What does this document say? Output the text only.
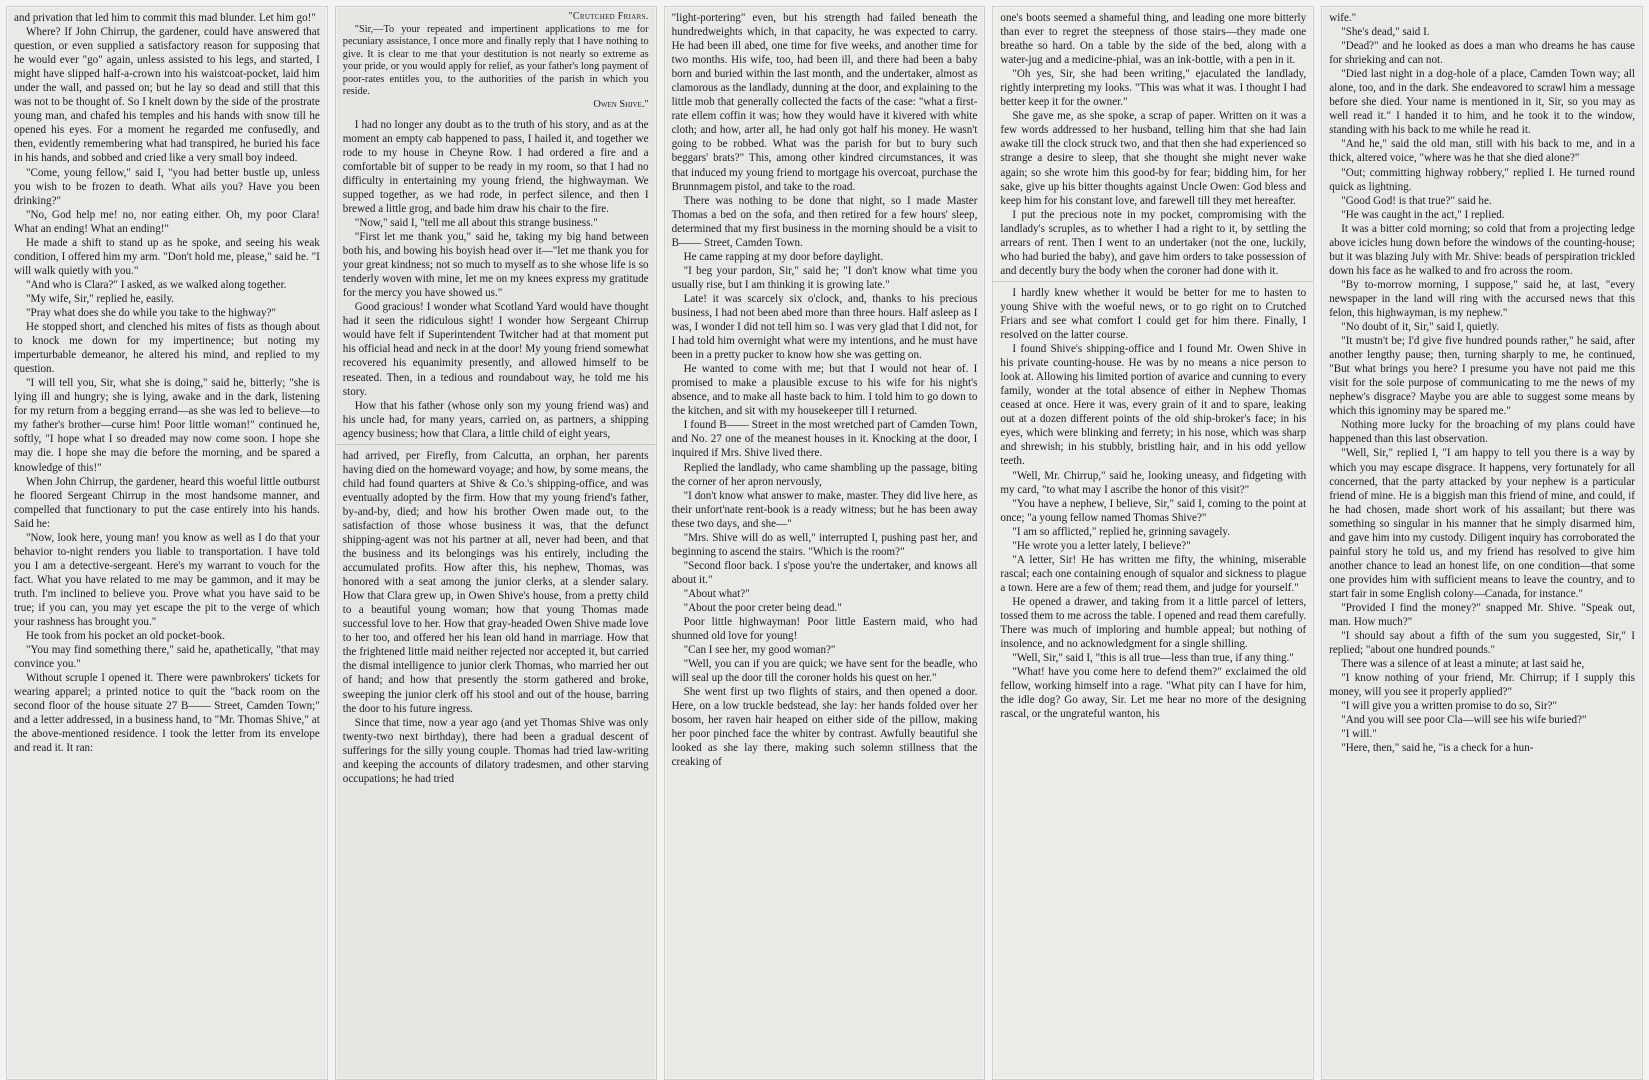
and privation that led him to commit this mad blunder. Let him go!"

Where? If John Chirrup, the gardener, could have answered that question, or even supplied a satisfactory reason for supposing that he would ever "go" again, unless assisted to his legs, and started, I might have slipped half-a-crown into his waistcoat-pocket, laid him under the wall, and passed on; but he lay so dead and still that this was not to be thought of. So I knelt down by the side of the prostrate young man, and chafed his temples and his hands with snow till he opened his eyes. For a moment he regarded me confusedly, and then, evidently remembering what had transpired, he buried his face in his hands, and sobbed and cried like a very small boy indeed.

"Come, young fellow," said I, "you had better bustle up, unless you wish to be frozen to death. What ails you? Have you been drinking?"

"No, God help me! no, nor eating either. Oh, my poor Clara! What an ending! What an ending!"

He made a shift to stand up as he spoke, and seeing his weak condition, I offered him my arm. "Don't hold me, please," said he. "I will walk quietly with you."

"And who is Clara?" I asked, as we walked along together.

"My wife, Sir," replied he, easily.

"Pray what does she do while you take to the highway?"

He stopped short, and clenched his mites of fists as though about to knock me down for my impertinence; but noting my imperturbable demeanor, he altered his mind, and replied to my question.

"I will tell you, Sir, what she is doing," said he, bitterly; "she is lying ill and hungry; she is lying, awake and in the dark, listening for my return from a begging errand—as she was led to believe—to my father's brother—curse him! Poor little woman!" continued he, softly, "I hope what I so dreaded may now come soon. I hope she may die. I hope she may die before the morning, and be spared a knowledge of this!"

When John Chirrup, the gardener, heard this woeful little outburst he floored Sergeant Chirrup in the most handsome manner, and compelled that functionary to put the case entirely into his hands. Said he:

"Now, look here, young man! you know as well as I do that your behavior to-night renders you liable to transportation. I have told you I am a detective-sergeant. Here's my warrant to vouch for the fact. What you have related to me may be gammon, and it may be truth. I'm inclined to believe you. Prove what you have said to be true; if you can, you may yet escape the pit to the verge of which your rashness has brought you."

He took from his pocket an old pocket-book.

"You may find something there," said he, apathetically, "that may convince you."

Without scruple I opened it. There were pawnbrokers' tickets for wearing apparel; a printed notice to quit the "back room on the second floor of the house situate 27 B—— Street, Camden Town;" and a letter addressed, in a business hand, to "Mr. Thomas Shive," at the above-mentioned residence. I took the letter from its envelope and read it. It ran:

"Crutched Friars.

"Sir,—To your repeated and impertinent applications to me for pecuniary assistance, I once more and finally reply that I have nothing to give. It is clear to me that your destitution is not nearly so extreme as your pride, or you would apply for relief, as your father's long payment of poor-rates entitles you, to the authorities of the parish in which you reside.

Owen Shive."

I had no longer any doubt as to the truth of his story, and as at the moment an empty cab happened to pass, I hailed it, and together we rode to my house in Cheyne Row. I had ordered a fire and a comfortable bit of supper to be ready in my room, so that I had no difficulty in entertaining my young friend, the highwayman. We supped together, as we had rode, in perfect silence, and then I brewed a little grog, and bade him draw his chair to the fire.

"Now," said I, "tell me all about this strange business."

"First let me thank you," said he, taking my big hand between both his, and bowing his boyish head over it—"let me thank you for your great kindness; not so much to myself as to she whose life is so tenderly woven with mine, let me on my knees express my gratitude for the mercy you have showed us."

Good gracious! I wonder what Scotland Yard would have thought had it seen the ridiculous sight! I wonder how Sergeant Chirrup would have felt if Superintendent Twitcher had at that moment put his official head and neck in at the door! My young friend somewhat recovered his equanimity presently, and allowed himself to be reseated. Then, in a tedious and roundabout way, he told me his story.

How that his father (whose only son my young friend was) and his uncle had, for many years, carried on, as partners, a shipping agency business; how that Clara, a little child of eight years,

had arrived, per Firefly, from Calcutta, an orphan, her parents having died on the homeward voyage; and how, by some means, the child had found quarters at Shive & Co.'s shipping-office, and was eventually adopted by the firm. How that my young friend's father, by-and-by, died; and how his brother Owen made out, to the satisfaction of those whose business it was, that the defunct shipping-agent was not his partner at all, never had been, and that the business and its belongings was his entirely, including the accumulated profits. How after this, his nephew, Thomas, was honored with a seat among the junior clerks, at a slender salary. How that Clara grew up, in Owen Shive's house, from a pretty child to a beautiful young woman; how that young Thomas made successful love to her. How that gray-headed Owen Shive made love to her too, and offered her his lean old hand in marriage. How that the frightened little maid neither rejected nor accepted it, but carried the dismal intelligence to junior clerk Thomas, who married her out of hand; and how that presently the storm gathered and broke, sweeping the junior clerk off his stool and out of the house, barring the door to his future ingress.

Since that time, now a year ago (and yet Thomas Shive was only twenty-two next birthday), there had been a gradual descent of sufferings for the silly young couple. Thomas had tried law-writing and keeping the accounts of dilatory tradesmen, and other starving occupations; he had tried

"light-portering" even, but his strength had failed beneath the hundredweights which, in that capacity, he was expected to carry. He had been ill abed, one time for five weeks, and another time for two months. His wife, too, had been ill, and there had been a baby born and buried within the last month, and the undertaker, almost as clamorous as the landlady, dunning at the door, and explaining to the little mob that generally collected the facts of the case: "what a first-rate ellem coffin it was; how they would have it kivered with white cloth; and how, arter all, he had only got half his money. He wasn't going to be robbed. What was the parish for but to bury such beggars' brats?" This, among other kindred circumstances, it was that induced my young friend to mortgage his overcoat, purchase the Brunnmagem pistol, and take to the road.

There was nothing to be done that night, so I made Master Thomas a bed on the sofa, and then retired for a few hours' sleep, determined that my first business in the morning should be a visit to B—— Street, Camden Town.

He came rapping at my door before daylight.

"I beg your pardon, Sir," said he; "I don't know what time you usually rise, but I am thinking it is growing late."

Late! it was scarcely six o'clock, and, thanks to his precious business, I had not been abed more than three hours. Half asleep as I was, I wonder I did not tell him so. I was very glad that I did not, for I had told him overnight what were my intentions, and he must have been in a pretty pucker to know how she was getting on.

He wanted to come with me; but that I would not hear of. I promised to make a plausible excuse to his wife for his night's absence, and to make all haste back to him. I told him to go down to the kitchen, and sit with my housekeeper till I returned.

I found B—— Street in the most wretched part of Camden Town, and No. 27 one of the meanest houses in it. Knocking at the door, I inquired if Mrs. Shive lived there.

Replied the landlady, who came shambling up the passage, biting the corner of her apron nervously,

"I don't know what answer to make, master. They did live here, as their unfort'nate rent-book is a ready witness; but he has been away these two days, and she—"

"Mrs. Shive will do as well," interrupted I, pushing past her, and beginning to ascend the stairs. "Which is the room?"

"Second floor back. I s'pose you're the undertaker, and knows all about it."

"About what?"

"About the poor creter being dead."

Poor little highwayman! Poor little Eastern maid, who had shunned old love for young!

"Can I see her, my good woman?"

"Well, you can if you are quick; we have sent for the beadle, who will seal up the door till the coroner holds his quest on her."

She went first up two flights of stairs, and then opened a door. Here, on a low truckle bedstead, she lay: her hands folded over her bosom, her raven hair heaped on either side of the pillow, making her poor pinched face the whiter by contrast. Awfully beautiful she looked as she lay there, making such solemn stillness that the creaking of

one's boots seemed a shameful thing, and leading one more bitterly than ever to regret the steepness of those stairs—they made one breathe so hard. On a table by the side of the bed, along with a water-jug and a medicine-phial, was an ink-bottle, with a pen in it.

"Oh yes, Sir, she had been writing," ejaculated the landlady, rightly interpreting my looks. "This was what it was. I thought I had better keep it for the owner."

She gave me, as she spoke, a scrap of paper. Written on it was a few words addressed to her husband, telling him that she had lain awake till the clock struck two, and that then she had experienced so strange a desire to sleep, that she thought she might never wake again; so she wrote him this good-by for fear; bidding him, for her sake, give up his bitter thoughts against Uncle Owen: God bless and keep him for his constant love, and farewell till they met hereafter.

I put the precious note in my pocket, compromising with the landlady's scruples, as to whether I had a right to it, by settling the arrears of rent. Then I went to an undertaker (not the one, luckily, who had buried the baby), and gave him orders to take possession of and decently bury the body when the coroner had done with it.

I hardly knew whether it would be better for me to hasten to young Shive with the woeful news, or to go right on to Crutched Friars and see what comfort I could get for him there. Finally, I resolved on the latter course.

I found Shive's shipping-office and I found Mr. Owen Shive in his private counting-house. He was by no means a nice person to look at. Allowing his limited portion of avarice and cunning to every family, wonder at the total absence of either in Nephew Thomas ceased at once. Here it was, every grain of it and to spare, leaking out at a dozen different points of the old ship-broker's face; in his eyes, which were blinking and ferrety; in his nose, which was sharp and shrewish; in his stubbly, bristling hair, and in his odd yellow teeth.

"Well, Mr. Chirrup," said he, looking uneasy, and fidgeting with my card, "to what may I ascribe the honor of this visit?"

"You have a nephew, I believe, Sir," said I, coming to the point at once; "a young fellow named Thomas Shive?"

"I am so afflicted," replied he, grinning savagely.

"He wrote you a letter lately, I believe?"

"A letter, Sir! He has written me fifty, the whining, miserable rascal; each one containing enough of squalor and sickness to plague a town. Here are a few of them; read them, and judge for yourself."

He opened a drawer, and taking from it a little parcel of letters, tossed them to me across the table. I opened and read them carefully. There was much of imploring and humble appeal; but nothing of insolence, and no acknowledgment for a single shilling.

"Well, Sir," said I, "this is all true—less than true, if any thing."

"What! have you come here to defend them?" exclaimed the old fellow, working himself into a rage. "What pity can I have for him, the idle dog? Go away, Sir. Let me hear no more of the designing rascal, or the ungrateful wanton, his

wife."

"She's dead," said I.

"Dead?" and he looked as does a man who dreams he has cause for shrieking and can not.

"Died last night in a dog-hole of a place, Camden Town way; all alone, too, and in the dark. She endeavored to scrawl him a message before she died. Your name is mentioned in it, Sir, so you may as well read it." I handed it to him, and he took it to the window, standing with his back to me while he read it.

"And he," said the old man, still with his back to me, and in a thick, altered voice, "where was he that she died alone?"

"Out; committing highway robbery," replied I. He turned round quick as lightning.

"Good God! is that true?" said he.

"He was caught in the act," I replied.

It was a bitter cold morning; so cold that from a projecting ledge above icicles hung down before the windows of the counting-house; but it was blazing July with Mr. Shive: beads of perspiration trickled down his face as he walked to and fro across the room.

"By to-morrow morning, I suppose," said he, at last, "every newspaper in the land will ring with the accursed news that this felon, this highwayman, is my nephew."

"No doubt of it, Sir," said I, quietly.

"It mustn't be; I'd give five hundred pounds rather," he said, after another lengthy pause; then, turning sharply to me, he continued, "But what brings you here? I presume you have not paid me this visit for the sole purpose of communicating to me the news of my nephew's disgrace? Maybe you are able to suggest some means by which this ignominy may be spared me."

Nothing more lucky for the broaching of my plans could have happened than this last observation.

"Well, Sir," replied I, "I am happy to tell you there is a way by which you may escape disgrace. It happens, very fortunately for all concerned, that the party attacked by your nephew is a particular friend of mine. He is a biggish man this friend of mine, and could, if he had chosen, made short work of his assailant; but there was something so singular in his manner that he simply disarmed him, and gave him into my custody. Diligent inquiry has corroborated the painful story he told us, and my friend has resolved to give him another chance to lead an honest life, on one condition—that some one provides him with sufficient means to leave the country, and to start fair in some English colony—Canada, for instance."

"Provided I find the money?" snapped Mr. Shive. "Speak out, man. How much?"

"I should say about a fifth of the sum you suggested, Sir," I replied; "about one hundred pounds."

There was a silence of at least a minute; at last said he,

"I know nothing of your friend, Mr. Chirrup; if I supply this money, will you see it properly applied?"

"I will give you a written promise to do so, Sir?"

"And you will see poor Cla—will see his wife buried?"

"I will."

"Here, then," said he, "is a check for a hun-
